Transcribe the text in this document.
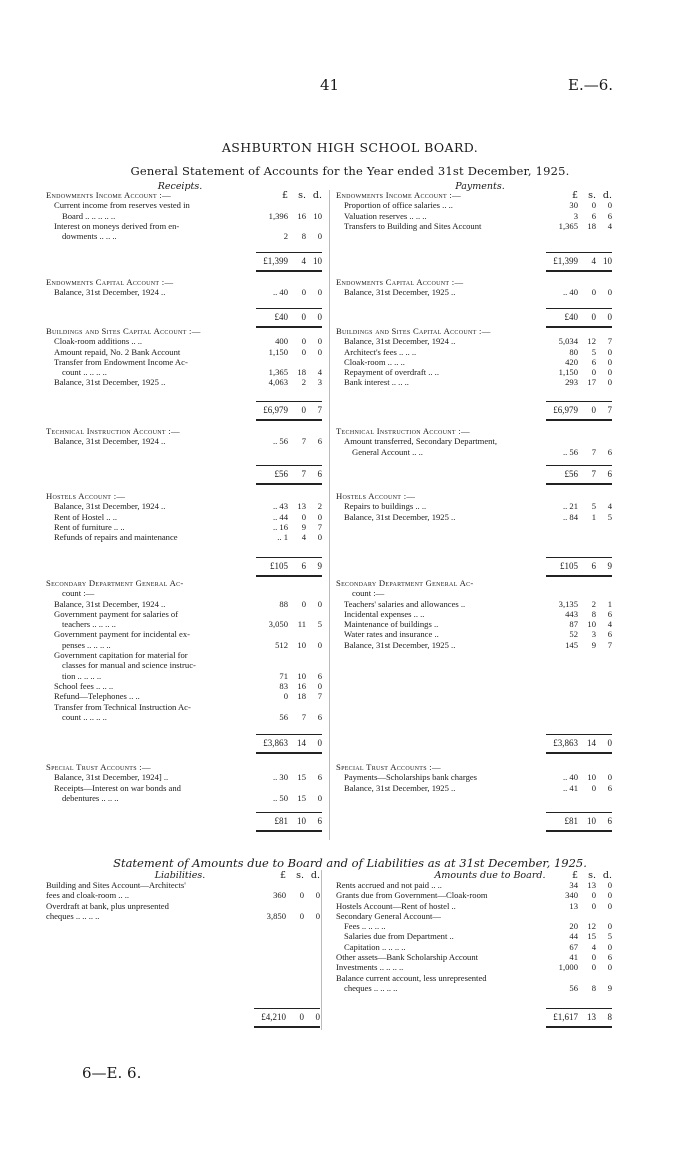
41	E.—6.
ASHBURTON HIGH SCHOOL BOARD.
General Statement of Accounts for the Year ended 31st December, 1925.
Receipts.	Payments.
£	s. d.	£	s. d.
Endowments Income Account :—
Current income from reserves vested in
Board .. .. .. .. ..	1,396	16 10
Interest on moneys derived from en-
dowments .. .. ..	2	8	0
£1,399	4 10
Endowments Capital Account :—
Balance, 31st December, 1924 ..	.. 40	0	0
£40	0	0
Buildings and Sites Capital Account :—
Cloak-room additions .. ..	400	0	0
Amount repaid, No. 2 Bank Account	1,150	0	0
Transfer from Endowment Income Ac-
count .. .. .. ..	1,365	18	4
Balance, 31st December, 1925 ..	4,063	2	3
£6,979	0	7
Technical Instruction Account :—
Balance, 31st December, 1924 ..	.. 56	7	6
£56	7	6
Hostels Account :—
Balance, 31st December, 1924 ..	.. 43	13	2
Rent of Hostel .. ..	.. 44	0	0
Rent of furniture .. ..	.. 16	9	7
Refunds of repairs and maintenance	.. 1	4	0
£105	6	9
Secondary Department General Ac-
count :—
Balance, 31st December, 1924 ..	88	0	0
Government payment for salaries of
teachers .. .. .. ..	3,050	11	5
Government payment for incidental ex-
penses .. .. .. ..	512	10	0
Government capitation for material for
classes for manual and science instruc-
tion .. .. .. ..	71	10	6
School fees .. .. ..	83	16	0
Refund—Telephones .. ..	0	18	7
Transfer from Technical Instruction Ac-
count .. .. .. ..	56	7	6
£3,863	14	0
Special Trust Accounts :—
Balance, 31st December, 1924] ..	.. 30	15	6
Receipts—Interest on war bonds and
debentures .. .. ..	.. 50	15	0
£81	10	6
Endowments Income Account :—
Proportion of office salaries .. ..	30	0	0
Valuation reserves .. .. ..	3	6	6
Transfers to Building and Sites Account	1,365	18	4
£1,399	4 10
Endowments Capital Account :—
Balance, 31st December, 1925 ..	.. 40	0	0
£40	0	0
Buildings and Sites Capital Account :—
Balance, 31st December, 1924 ..	5,034	12	7
Architect's fees .. .. ..	80	5	0
Cloak-room .. .. ..	420	6	0
Repayment of overdraft .. ..	1,150	0	0
Bank interest .. .. ..	293	17	0
£6,979	0	7
Technical Instruction Account :—
Amount transferred, Secondary Department,
General Account .. ..	.. 56	7	6
£56	7	6
Hostels Account :—
Repairs to buildings .. ..	.. 21	5	4
Balance, 31st December, 1925 ..	.. 84	1	5
£105	6	9
Secondary Department General Ac-
count :—
Teachers' salaries and allowances ..	3,135	2	1
Incidental expenses .. ..	443	8	6
Maintenance of buildings ..	87	10	4
Water rates and insurance ..	52	3	6
Balance, 31st December, 1925 ..	145	9	7
£3,863	14	0
Special Trust Accounts :—
Payments—Scholarships bank charges	.. 40	10	0
Balance, 31st December, 1925 ..	.. 41	0	6
£81	10	6
Statement of Amounts due to Board and of Liabilities as at 31st December, 1925.
Liabilities.	Amounts due to Board.
£	s. d.	£	s. d.
Building and Sites Account—Architects'
fees and cloak-room .. ..	360	0	0
Overdraft at bank, plus unpresented
cheques .. .. .. ..	3,850	0	0
£4,210	0	0
Rents accrued and not paid .. ..	34	13	0
Grants due from Government—Cloak-room	340	0	0
Hostels Account—Rent of hostel ..	13	0	0
Secondary General Account—
Fees .. .. .. ..	20	12	0
Salaries due from Department ..	44	15	5
Capitation .. .. .. ..	67	4	0
Other assets—Bank Scholarship Account	41	0	6
Investments .. .. .. ..	1,000	0	0
Balance current account, less unrepresented
cheques .. .. .. ..	56	8	9
£1,617	13	8
6—E. 6.
